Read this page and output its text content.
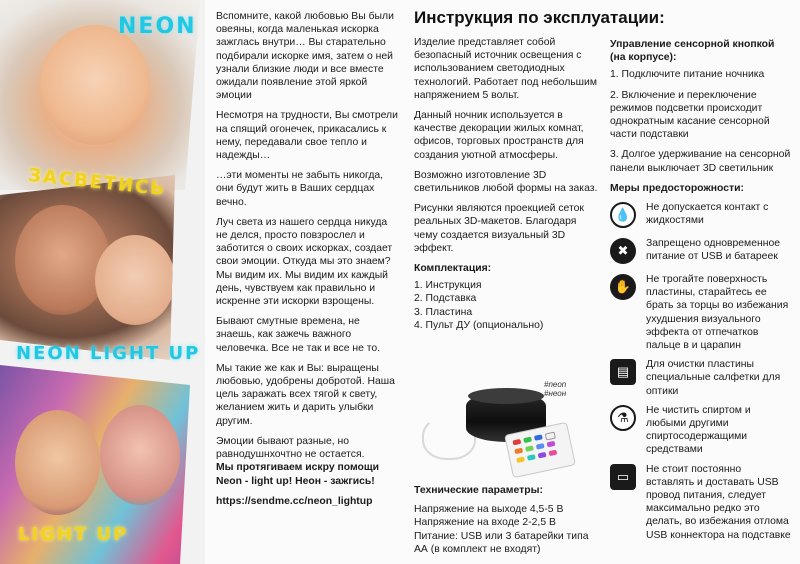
NEON
ЗАСВЕТИСЬ
NEON LIGHT UP
LIGHT UP

Вспомните, какой любовью Вы были овеяны, когда маленькая искорка зажглась внутри… Вы старательно подбирали искорке имя, затем о ней узнали близкие люди и все вместе ожидали появление этой яркой эмоции

Несмотря на трудности, Вы смотрели на спящий огонечек, прикасались к нему, передавали свое тепло и надежды…

…эти моменты не забыть никогда, они будут жить в Ваших сердцах вечно.

Луч света из нашего сердца никуда не делся, просто повзрослел и заботится о своих искорках, создает свои эмоции. Откуда мы это знаем? Мы видим их. Мы видим их каждый день, чувствуем как правильно и искренне эти искорки взрощены.

Бывают смутные времена, не знаешь, как зажечь важного человечка. Все не так и все не то.

Мы такие же как и Вы: выращены любовью, удобрены добротой. Наша цель заражать всех тягой к свету, желанием жить и дарить улыбки другим.

Эмоции бывают разные, но равнодушнхочтно не остается.

Мы протягиваем искру помощи Neon - light up! Неон - зажгись!

https://sendme.cc/neon_lightup

Инструкция по эксплуатации:

Изделие представляет собой безопасный источник освещения с использованием светодиодных технологий. Работает под небольшим напряжением 5 вольт.

Данный ночник используется в качестве декорации жилых комнат, офисов, торговых пространств для создания уютной атмосферы.

Возможно изготовление 3D светильников любой формы на заказ.

Рисунки являются проекцией сеток реальных 3D-макетов. Благодаря чему создается визуальный 3D эффект.

Комплектация:
1. Инструкция
2. Подставка
3. Пластина
4. Пульт ДУ (опционально)
#neon
#неон
Технические параметры:
Напряжение на выходе 4,5-5 В
Напряжение на входе 2-2,5 В
Питание: USB или 3 батарейки типа АА (в комплект не входят)
Управление сенсорной кнопкой (на корпусе):

1. Подключите питание ночника

2. Включение и переключение режимов подсветки происходит однократным касание сенсорной части подставки

3. Долгое удерживание на сенсорной панели выключает 3D светильник

Меры предосторожности:
💧	Не допускается контакт с жидкостями
✖	Запрещено одновременное питание от USB и батареек
✋	Не трогайте поверхность пластины, старайтесь ее брать за торцы во избежания ухудшения визуального эффекта от отпечатков пальце в и царапин
▤	Для очистки пластины специальные салфетки для оптики
⚗	Не чистить спиртом и любыми другими спиртосодержащими средствами
▭	Не стоит постоянно вставлять и доставать USB провод питания, следует максимально редко это делать, во избежания отлома USB коннектора на подставке
